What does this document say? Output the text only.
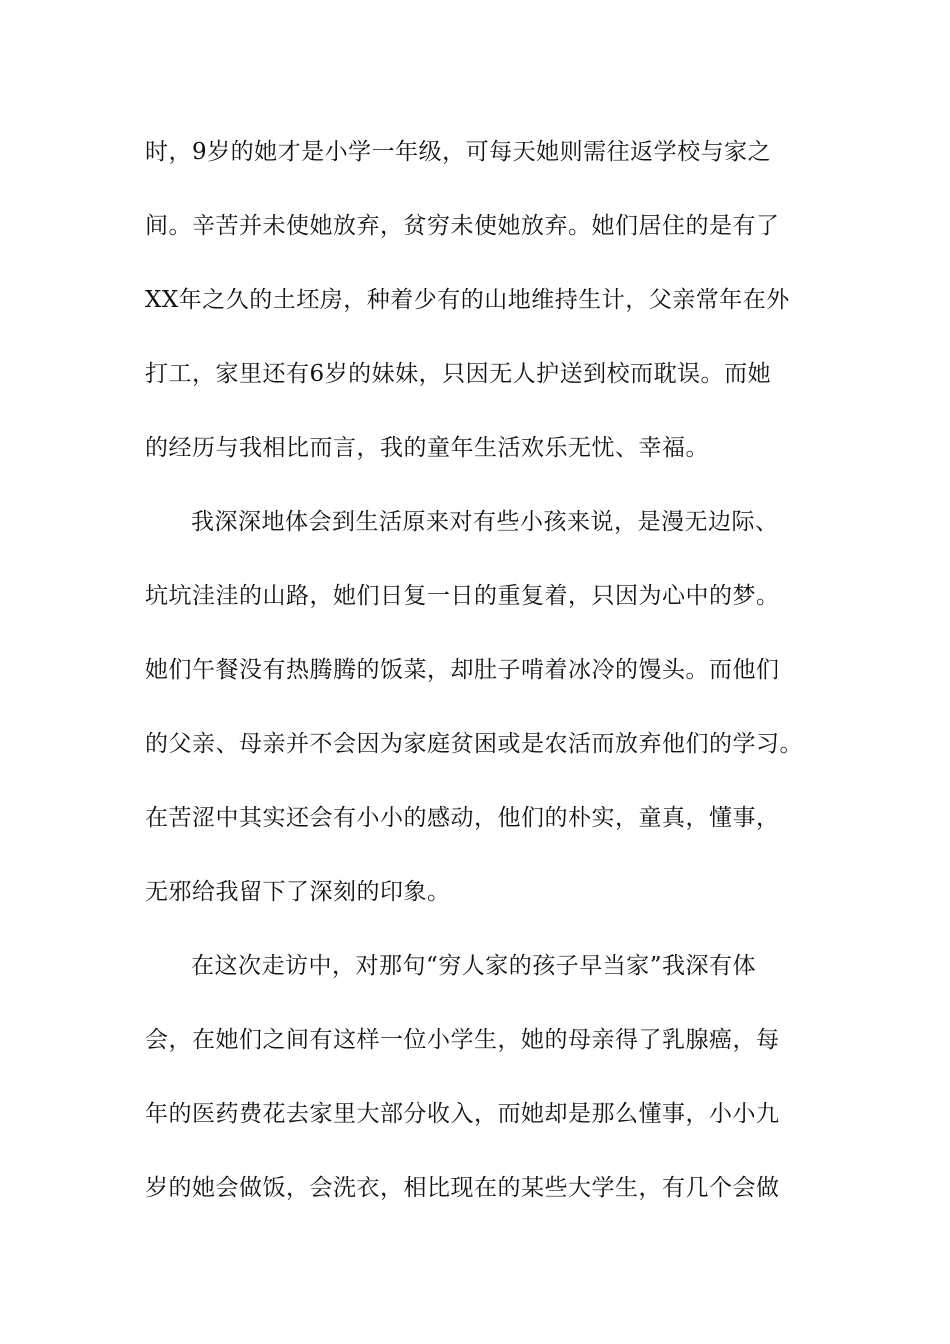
时，9岁的她才是小学一年级，可每天她则需往返学校与家之
间。辛苦并未使她放弃，贫穷未使她放弃。她们居住的是有了
XX年之久的土坯房，种着少有的山地维持生计，父亲常年在外
打工，家里还有6岁的妹妹，只因无人护送到校而耽误。而她
的经历与我相比而言，我的童年生活欢乐无忧、幸福。
我深深地体会到生活原来对有些小孩来说，是漫无边际、
坑坑洼洼的山路，她们日复一日的重复着，只因为心中的梦。
她们午餐没有热腾腾的饭菜，却肚子啃着冰冷的馒头。而他们
的父亲、母亲并不会因为家庭贫困或是农活而放弃他们的学习。
在苦涩中其实还会有小小的感动，他们的朴实，童真，懂事，
无邪给我留下了深刻的印象。
在这次走访中，对那句“穷人家的孩子早当家”我深有体
会，在她们之间有这样一位小学生，她的母亲得了乳腺癌，每
年的医药费花去家里大部分收入，而她却是那么懂事，小小九
岁的她会做饭，会洗衣，相比现在的某些大学生，有几个会做
